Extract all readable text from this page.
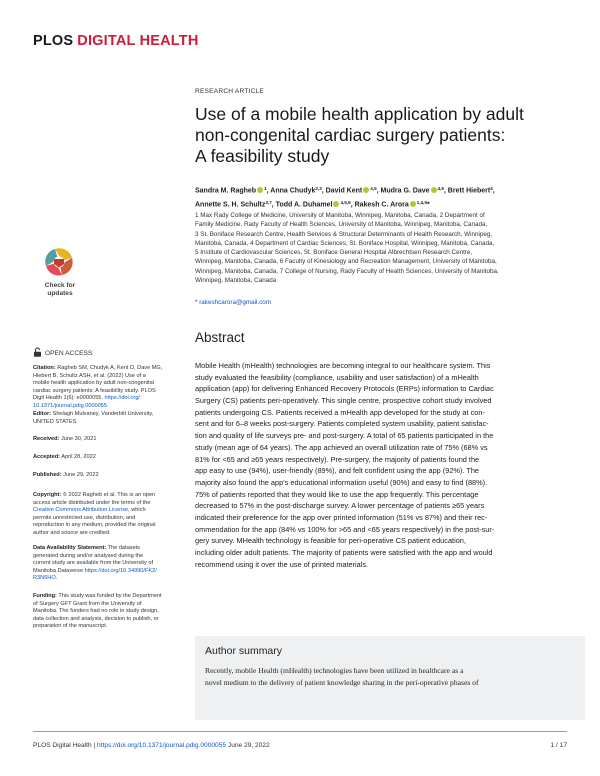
PLOS DIGITAL HEALTH
RESEARCH ARTICLE
Use of a mobile health application by adult
non-congenital cardiac surgery patients:
A feasibility study
Sandra M. Ragheb $^1$, Anna Chudyk$^{2,3}$, David Kent $^{4,5}$, Mudra G. Dave $^{4,6}$, Brett Hiebert$^4$,
Annette S. H. Schultz$^{3,7}$, Todd A. Duhamel $^{4,5,6}$, Rakesh C. Arora $^{1,4,5}$*
1 Max Rady College of Medicine, University of Manitoba, Winnipeg, Manitoba, Canada, 2 Department of
Family Medicine, Rady Faculty of Health Sciences, University of Manitoba, Winnipeg, Manitoba, Canada,
3 St. Boniface Research Centre, Health Services & Structural Determinants of Health Research, Winnipeg,
Manitoba, Canada, 4 Department of Cardiac Sciences, St. Boniface Hospital, Winnipeg, Manitoba, Canada,
5 Institute of Cardiovascular Sciences, St. Boniface General Hospital Albrechtsen Research Centre,
Winnipeg, Manitoba, Canada, 6 Faculty of Kinesiology and Recreation Management, University of Manitoba,
Winnipeg, Manitoba, Canada, 7 College of Nursing, Rady Faculty of Health Sciences, University of Manitoba,
Winnipeg, Manitoba, Canada
* rakeshcarora@gmail.com
Check for
updates
OPEN ACCESS
Citation: Ragheb SM, Chudyk A, Kent D, Dave MG,
Hiebert B, Schultz ASH, et al. (2022) Use of a
mobile health application by adult non-congenital
cardiac surgery patients: A feasibility study. PLOS
Digit Health 1(6): e0000055. https://doi.org/
10.1371/journal.pdig.0000055
Editor: Shelagh Mulvaney, Vanderbilt University,
UNITED STATES
Received: June 30, 2021
Accepted: April 28, 2022
Published: June 29, 2022
Copyright: © 2022 Ragheb et al. This is an open
access article distributed under the terms of the
Creative Commons Attribution License, which
permits unrestricted use, distribution, and
reproduction in any medium, provided the original
author and source are credited.
Data Availability Statement: The datasets
generated during and/or analysed during the
current study are available from the University of
Manitoba Dataverse https://doi.org/10.34990/FK2/
R3N6HO.
Funding: This study was funded by the Department
of Surgery GFT Grant from the University of
Manitoba. The funders had no role in study design,
data collection and analysis, decision to publish, or
preparation of the manuscript.
Abstract
Mobile Health (mHealth) technologies are becoming integral to our healthcare system. This
study evaluated the feasibility (compliance, usability and user satisfaction) of a mHealth
application (app) for delivering Enhanced Recovery Protocols (ERPs) information to Cardiac
Surgery (CS) patients peri-operatively. This single centre, prospective cohort study involved
patients undergoing CS. Patients received a mHealth app developed for the study at con-
sent and for 6–8 weeks post-surgery. Patients completed system usability, patient satisfac-
tion and quality of life surveys pre- and post-surgery. A total of 65 patients participated in the
study (mean age of 64 years). The app achieved an overall utilization rate of 75% (68% vs
81% for <65 and ≥65 years respectively). Pre-surgery, the majority of patients found the
app easy to use (94%), user-friendly (89%), and felt confident using the app (92%). The
majority also found the app’s educational information useful (90%) and easy to find (88%).
75% of patients reported that they would like to use the app frequently. This percentage
decreased to 57% in the post-discharge survey. A lower percentage of patients ≥65 years
indicated their preference for the app over printed information (51% vs 87%) and their rec-
ommendation for the app (84% vs 100% for >65 and <65 years respectively) in the post-sur-
gery survey. MHealth technology is feasible for peri-operative CS patient education,
including older adult patients. The majority of patients were satisfied with the app and would
recommend using it over the use of printed materials.
Author summary
Recently, mobile Health (mHealth) technologies have been utilized in healthcare as a
novel medium to the delivery of patient knowledge sharing in the peri-operative phases of
PLOS Digital Health | https://doi.org/10.1371/journal.pdig.0000055 June 29, 2022	1 / 17
